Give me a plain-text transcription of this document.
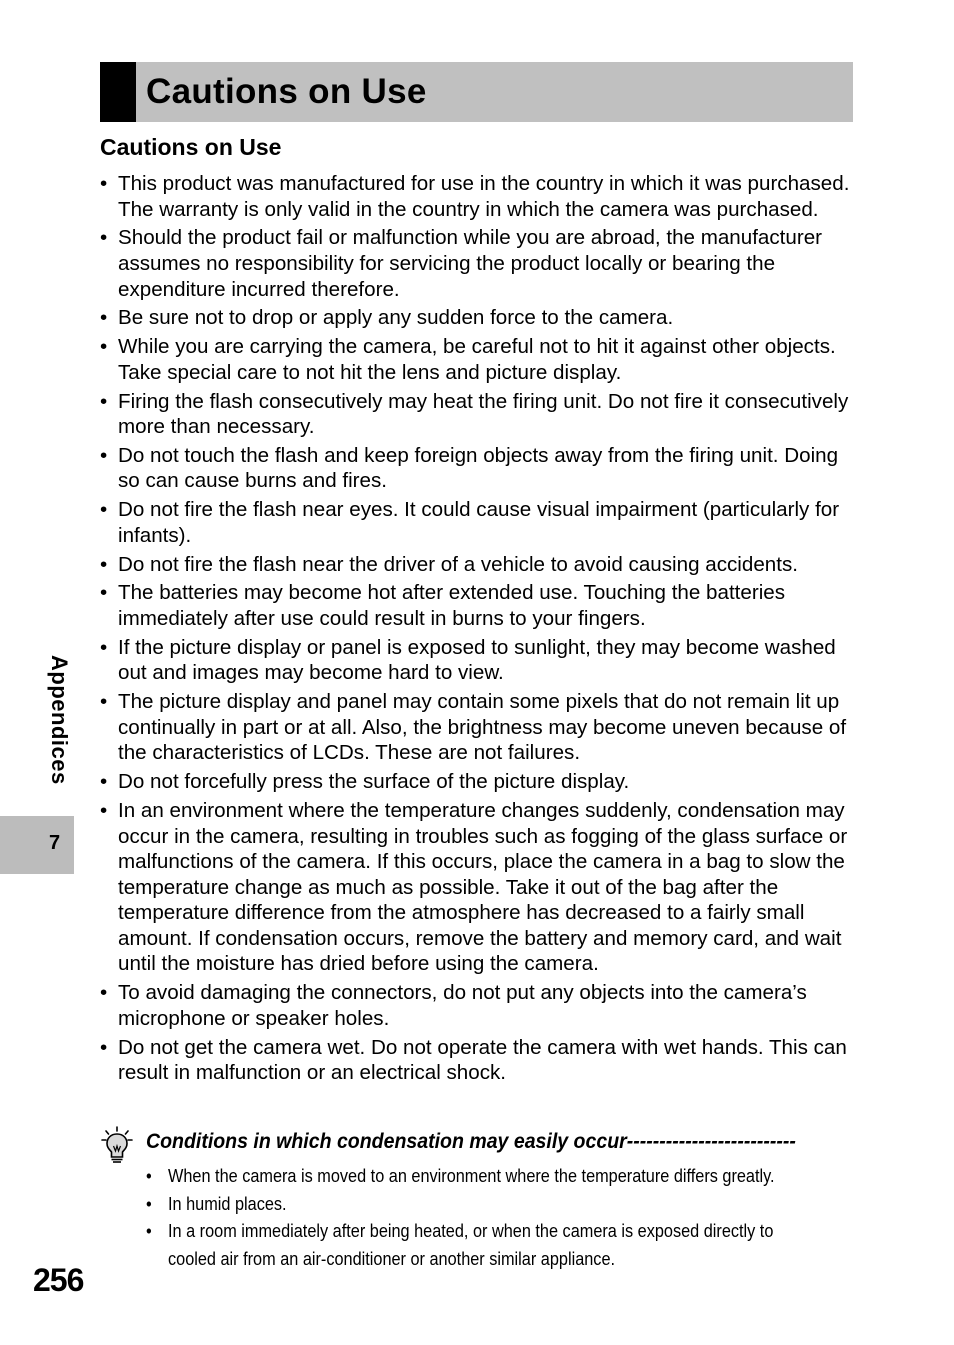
Cautions on Use
Cautions on Use
• This product was manufactured for use in the country in which it was purchased. The warranty is only valid in the country in which the camera was purchased.
• Should the product fail or malfunction while you are abroad, the manufacturer assumes no responsibility for servicing the product locally or bearing the expenditure incurred therefore.
• Be sure not to drop or apply any sudden force to the camera.
• While you are carrying the camera, be careful not to hit it against other objects. Take special care to not hit the lens and picture display.
• Firing the flash consecutively may heat the firing unit. Do not fire it consecutively more than necessary.
• Do not touch the flash and keep foreign objects away from the firing unit. Doing so can cause burns and fires.
• Do not fire the flash near eyes. It could cause visual impairment (particularly for infants).
• Do not fire the flash near the driver of a vehicle to avoid causing accidents.
• The batteries may become hot after extended use. Touching the batteries immediately after use could result in burns to your fingers.
• If the picture display or panel is exposed to sunlight, they may become washed out and images may become hard to view.
• The picture display and panel may contain some pixels that do not remain lit up continually in part or at all. Also, the brightness may become uneven because of the characteristics of LCDs. These are not failures.
• Do not forcefully press the surface of the picture display.
• In an environment where the temperature changes suddenly, condensation may occur in the camera, resulting in troubles such as fogging of the glass surface or malfunctions of the camera. If this occurs, place the camera in a bag to slow the temperature change as much as possible. Take it out of the bag after the temperature difference from the atmosphere has decreased to a fairly small amount. If condensation occurs, remove the battery and memory card, and wait until the moisture has dried before using the camera.
• To avoid damaging the connectors, do not put any objects into the camera’s microphone or speaker holes.
• Do not get the camera wet. Do not operate the camera with wet hands. This can result in malfunction or an electrical shock.
Appendices
7
256
Conditions in which condensation may easily occur--------------------------
• When the camera is moved to an environment where the temperature differs greatly.
• In humid places.
• In a room immediately after being heated, or when the camera is exposed directly to cooled air from an air-conditioner or another similar appliance.
